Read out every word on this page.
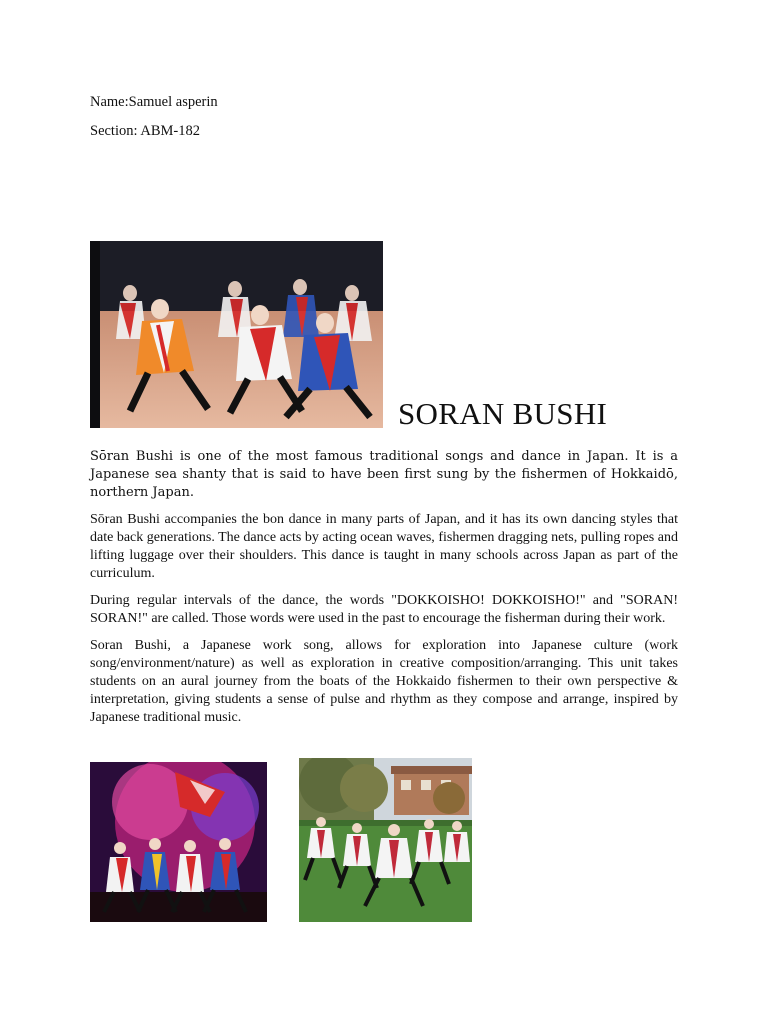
Name:Samuel asperin
Section: ABM-182
SORAN BUSHI

Sōran Bushi is one of the most famous traditional songs and dance in Japan. It is a Japanese sea shanty that is said to have been first sung by the fishermen of Hokkaidō, northern Japan.

Sōran Bushi accompanies the bon dance in many parts of Japan, and it has its own dancing styles that date back generations. The dance acts by acting ocean waves, fishermen dragging nets, pulling ropes and lifting luggage over their shoulders. This dance is taught in many schools across Japan as part of the curriculum.

During regular intervals of the dance, the words "DOKKOISHO! DOKKOISHO!" and "SORAN! SORAN!" are called. Those words were used in the past to encourage the fisherman during their work.

Soran Bushi, a Japanese work song, allows for exploration into Japanese culture (work song/environment/nature) as well as exploration in creative composition/arranging. This unit takes students on an aural journey from the boats of the Hokkaido fishermen to their own perspective & interpretation, giving students a sense of pulse and rhythm as they compose and arrange, inspired by Japanese traditional music.
